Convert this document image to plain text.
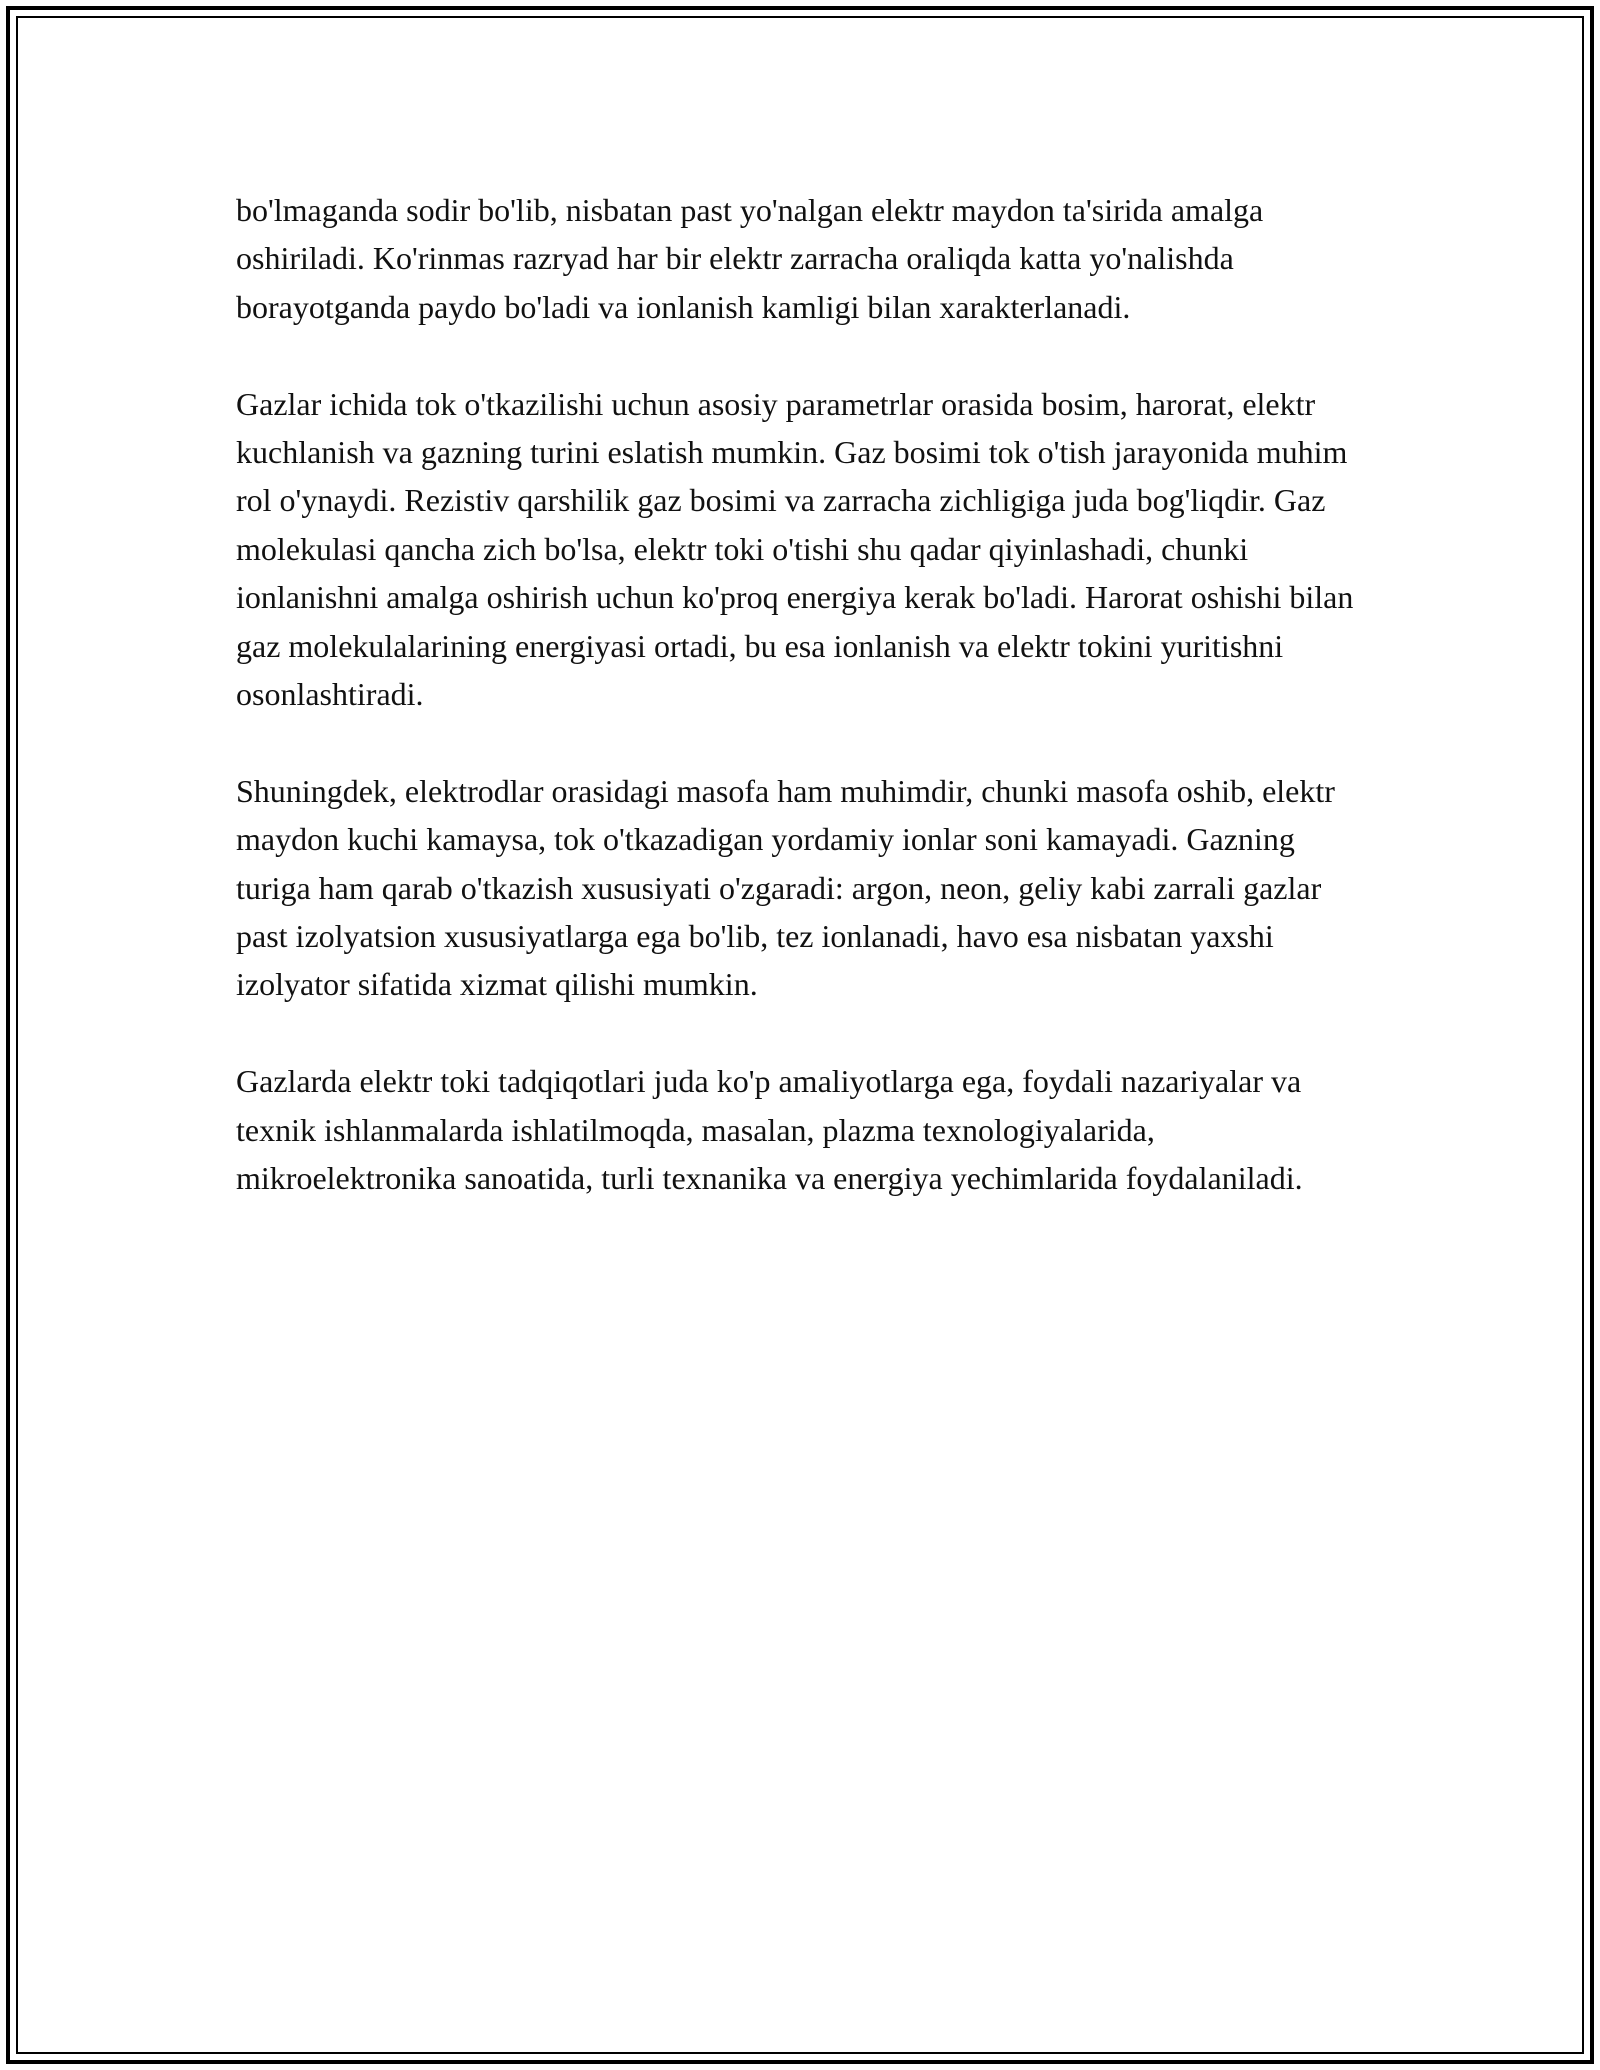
bo'lmaganda sodir bo'lib, nisbatan past yo'nalgan elektr maydon ta'sirida amalga oshiriladi. Ko'rinmas razryad har bir elektr zarracha oraliqda katta yo'nalishda borayotganda paydo bo'ladi va ionlanish kamligi bilan xarakterlanadi.

Gazlar ichida tok o'tkazilishi uchun asosiy parametrlar orasida bosim, harorat, elektr kuchlanish va gazning turini eslatish mumkin. Gaz bosimi tok o'tish jarayonida muhim rol o'ynaydi. Rezistiv qarshilik gaz bosimi va zarracha zichligiga juda bog'liqdir. Gaz molekulasi qancha zich bo'lsa, elektr toki o'tishi shu qadar qiyinlashadi, chunki ionlanishni amalga oshirish uchun ko'proq energiya kerak bo'ladi. Harorat oshishi bilan gaz molekulalarining energiyasi ortadi, bu esa ionlanish va elektr tokini yuritishni osonlashtiradi.

Shuningdek, elektrodlar orasidagi masofa ham muhimdir, chunki masofa oshib, elektr maydon kuchi kamaysa, tok o'tkazadigan yordamiy ionlar soni kamayadi. Gazning turiga ham qarab o'tkazish xususiyati o'zgaradi: argon, neon, geliy kabi zarrali gazlar past izolyatsion xususiyatlarga ega bo'lib, tez ionlanadi, havo esa nisbatan yaxshi izolyator sifatida xizmat qilishi mumkin.

Gazlarda elektr toki tadqiqotlari juda ko'p amaliyotlarga ega, foydali nazariyalar va texnik ishlanmalarda ishlatilmoqda, masalan, plazma texnologiyalarida, mikroelektronika sanoatida, turli texnanika va energiya yechimlarida foydalaniladi.
